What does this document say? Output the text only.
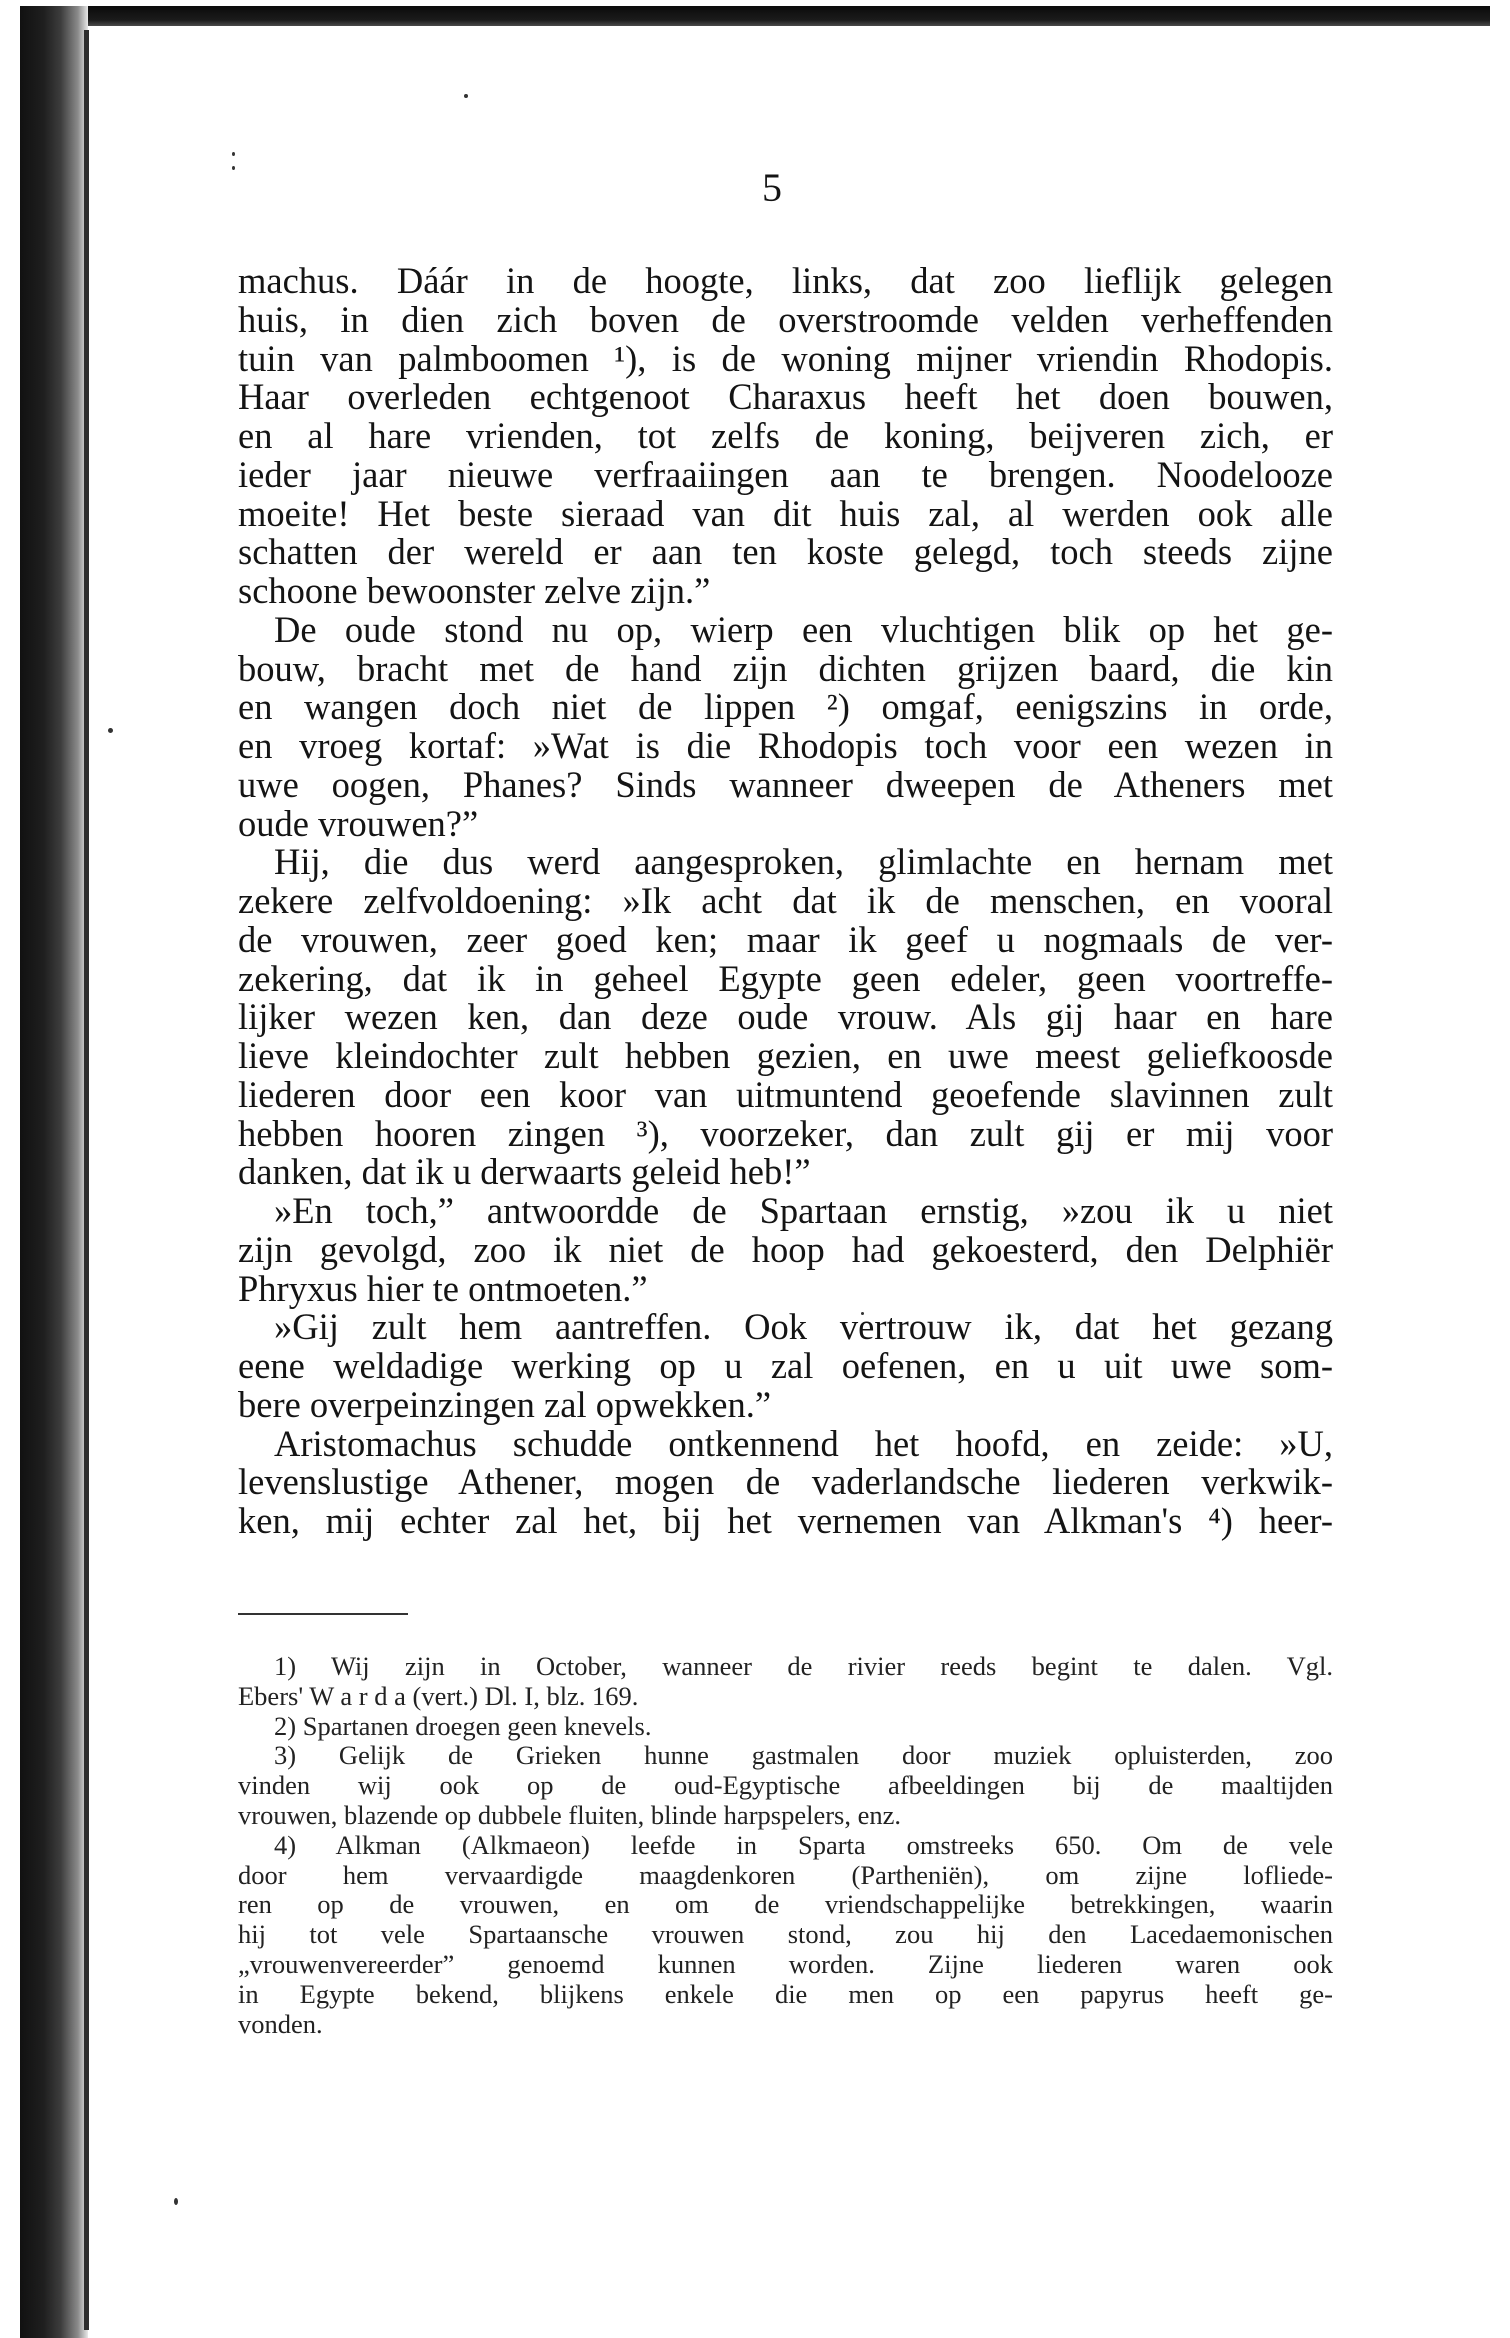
5
machus. Dáár in de hoogte, links, dat zoo lieflijk gelegen
huis, in dien zich boven de overstroomde velden verheffenden
tuin van palmboomen ¹), is de woning mijner vriendin Rhodopis.
Haar overleden echtgenoot Charaxus heeft het doen bouwen,
en al hare vrienden, tot zelfs de koning, beijveren zich, er
ieder jaar nieuwe verfraaiingen aan te brengen. Noodelooze
moeite! Het beste sieraad van dit huis zal, al werden ook alle
schatten der wereld er aan ten koste gelegd, toch steeds zijne
schoone bewoonster zelve zijn.”
De oude stond nu op, wierp een vluchtigen blik op het ge-
bouw, bracht met de hand zijn dichten grijzen baard, die kin
en wangen doch niet de lippen ²) omgaf, eenigszins in orde,
en vroeg kortaf: »Wat is die Rhodopis toch voor een wezen in
uwe oogen, Phanes? Sinds wanneer dweepen de Atheners met
oude vrouwen?”
Hij, die dus werd aangesproken, glimlachte en hernam met
zekere zelfvoldoening: »Ik acht dat ik de menschen, en vooral
de vrouwen, zeer goed ken; maar ik geef u nogmaals de ver-
zekering, dat ik in geheel Egypte geen edeler, geen voortreffe-
lijker wezen ken, dan deze oude vrouw. Als gij haar en hare
lieve kleindochter zult hebben gezien, en uwe meest geliefkoosde
liederen door een koor van uitmuntend geoefende slavinnen zult
hebben hooren zingen ³), voorzeker, dan zult gij er mij voor
danken, dat ik u derwaarts geleid heb!”
»En toch,” antwoordde de Spartaan ernstig, »zou ik u niet
zijn gevolgd, zoo ik niet de hoop had gekoesterd, den Delphiër
Phryxus hier te ontmoeten.”
»Gij zult hem aantreffen. Ook vertrouw ik, dat het gezang
eene weldadige werking op u zal oefenen, en u uit uwe som-
bere overpeinzingen zal opwekken.”
Aristomachus schudde ontkennend het hoofd, en zeide: »U,
levenslustige Athener, mogen de vaderlandsche liederen verkwik-
ken, mij echter zal het, bij het vernemen van Alkman's ⁴) heer-
1) Wij zijn in October, wanneer de rivier reeds begint te dalen. Vgl.
Ebers' W a r d a (vert.) Dl. I, blz. 169.
2) Spartanen droegen geen knevels.
3) Gelijk de Grieken hunne gastmalen door muziek opluisterden, zoo
vinden wij ook op de oud-Egyptische afbeeldingen bij de maaltijden
vrouwen, blazende op dubbele fluiten, blinde harpspelers, enz.
4) Alkman (Alkmaeon) leefde in Sparta omstreeks 650. Om de vele
door hem vervaardigde maagdenkoren (Partheniën), om zijne lofliede-
ren op de vrouwen, en om de vriendschappelijke betrekkingen, waarin
hij tot vele Spartaansche vrouwen stond, zou hij den Lacedaemonischen
„vrouwenvereerder” genoemd kunnen worden. Zijne liederen waren ook
in Egypte bekend, blijkens enkele die men op een papyrus heeft ge-
vonden.
